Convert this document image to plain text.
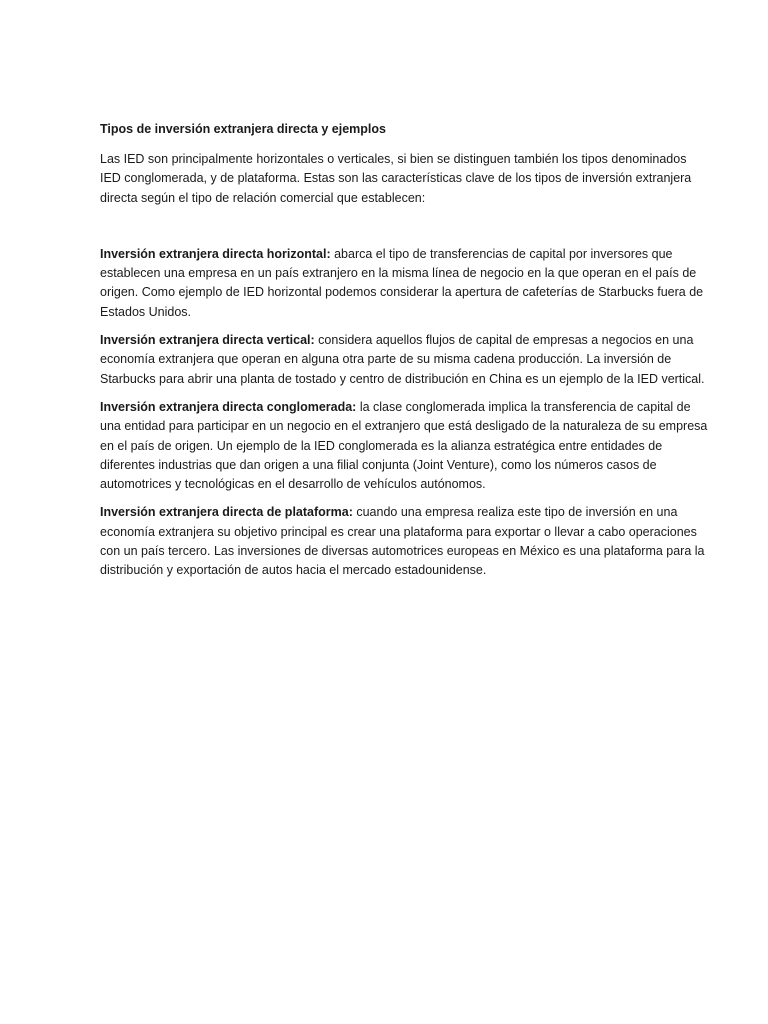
Tipos de inversión extranjera directa y ejemplos

Las IED son principalmente horizontales o verticales, si bien se distinguen también los tipos denominados IED conglomerada, y de plataforma. Estas son las características clave de los tipos de inversión extranjera directa según el tipo de relación comercial que establecen:

Inversión extranjera directa horizontal: abarca el tipo de transferencias de capital por inversores que establecen una empresa en un país extranjero en la misma línea de negocio en la que operan en el país de origen. Como ejemplo de IED horizontal podemos considerar la apertura de cafeterías de Starbucks fuera de Estados Unidos.

Inversión extranjera directa vertical: considera aquellos flujos de capital de empresas a negocios en una economía extranjera que operan en alguna otra parte de su misma cadena producción. La inversión de Starbucks para abrir una planta de tostado y centro de distribución en China es un ejemplo de la IED vertical.

Inversión extranjera directa conglomerada: la clase conglomerada implica la transferencia de capital de una entidad para participar en un negocio en el extranjero que está desligado de la naturaleza de su empresa en el país de origen. Un ejemplo de la IED conglomerada es la alianza estratégica entre entidades de diferentes industrias que dan origen a una filial conjunta (Joint Venture), como los números casos de automotrices y tecnológicas en el desarrollo de vehículos autónomos.

Inversión extranjera directa de plataforma: cuando una empresa realiza este tipo de inversión en una economía extranjera su objetivo principal es crear una plataforma para exportar o llevar a cabo operaciones con un país tercero. Las inversiones de diversas automotrices europeas en México es una plataforma para la distribución y exportación de autos hacia el mercado estadounidense.
